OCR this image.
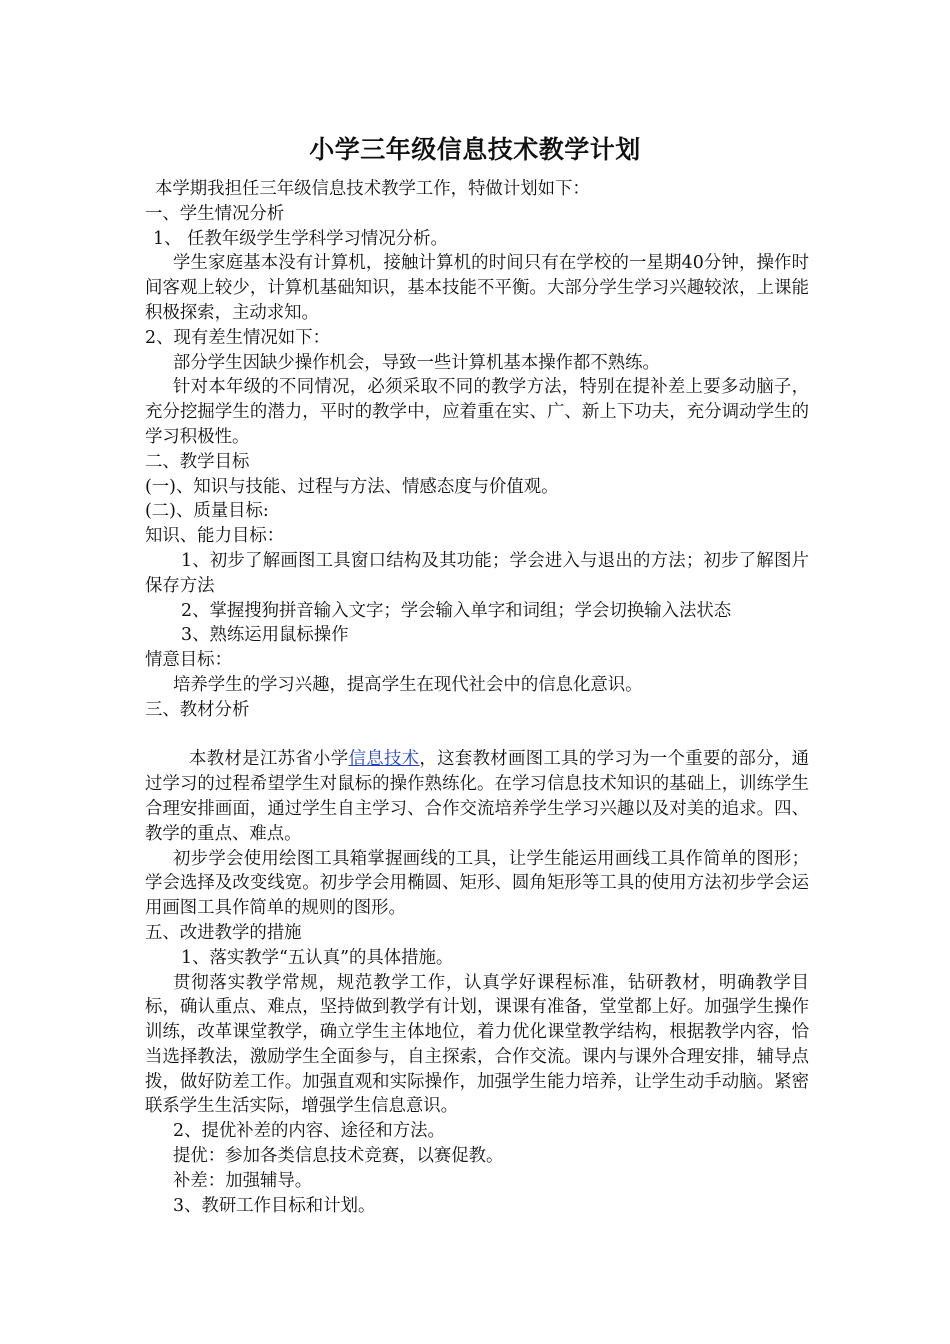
小学三年级信息技术教学计划

本学期我担任三年级信息技术教学工作，特做计划如下：

一、学生情况分析

1、 任教年级学生学科学习情况分析。

学生家庭基本没有计算机，接触计算机的时间只有在学校的一星期40分钟，操作时间客观上较少，计算机基础知识，基本技能不平衡。大部分学生学习兴趣较浓，上课能积极探索，主动求知。

2、现有差生情况如下：

部分学生因缺少操作机会，导致一些计算机基本操作都不熟练。

针对本年级的不同情况，必须采取不同的教学方法，特别在提补差上要多动脑子，充分挖掘学生的潜力，平时的教学中，应着重在实、广、新上下功夫，充分调动学生的学习积极性。

二、教学目标

(一)、知识与技能、过程与方法、情感态度与价值观。

(二)、质量目标:

知识、能力目标：

1、初步了解画图工具窗口结构及其功能；学会进入与退出的方法；初步了解图片保存方法

2、掌握搜狗拼音输入文字；学会输入单字和词组；学会切换输入法状态

3、熟练运用鼠标操作

情意目标：

培养学生的学习兴趣，提高学生在现代社会中的信息化意识。

三、教材分析

本教材是江苏省小学信息技术，这套教材画图工具的学习为一个重要的部分，通过学习的过程希望学生对鼠标的操作熟练化。在学习信息技术知识的基础上，训练学生合理安排画面，通过学生自主学习、合作交流培养学生学习兴趣以及对美的追求。四、教学的重点、难点。

初步学会使用绘图工具箱掌握画线的工具，让学生能运用画线工具作简单的图形；学会选择及改变线宽。初步学会用椭圆、矩形、圆角矩形等工具的使用方法初步学会运用画图工具作简单的规则的图形。

五、改进教学的措施

1、落实教学“五认真”的具体措施。

贯彻落实教学常规，规范教学工作，认真学好课程标准，钻研教材，明确教学目标，确认重点、难点，坚持做到教学有计划，课课有准备，堂堂都上好。加强学生操作训练，改革课堂教学，确立学生主体地位，着力优化课堂教学结构，根据教学内容，恰当选择教法，激励学生全面参与，自主探索，合作交流。课内与课外合理安排，辅导点拨，做好防差工作。加强直观和实际操作，加强学生能力培养，让学生动手动脑。紧密联系学生生活实际，增强学生信息意识。

2、提优补差的内容、途径和方法。

提优：参加各类信息技术竞赛，以赛促教。

补差：加强辅导。

3、教研工作目标和计划。
